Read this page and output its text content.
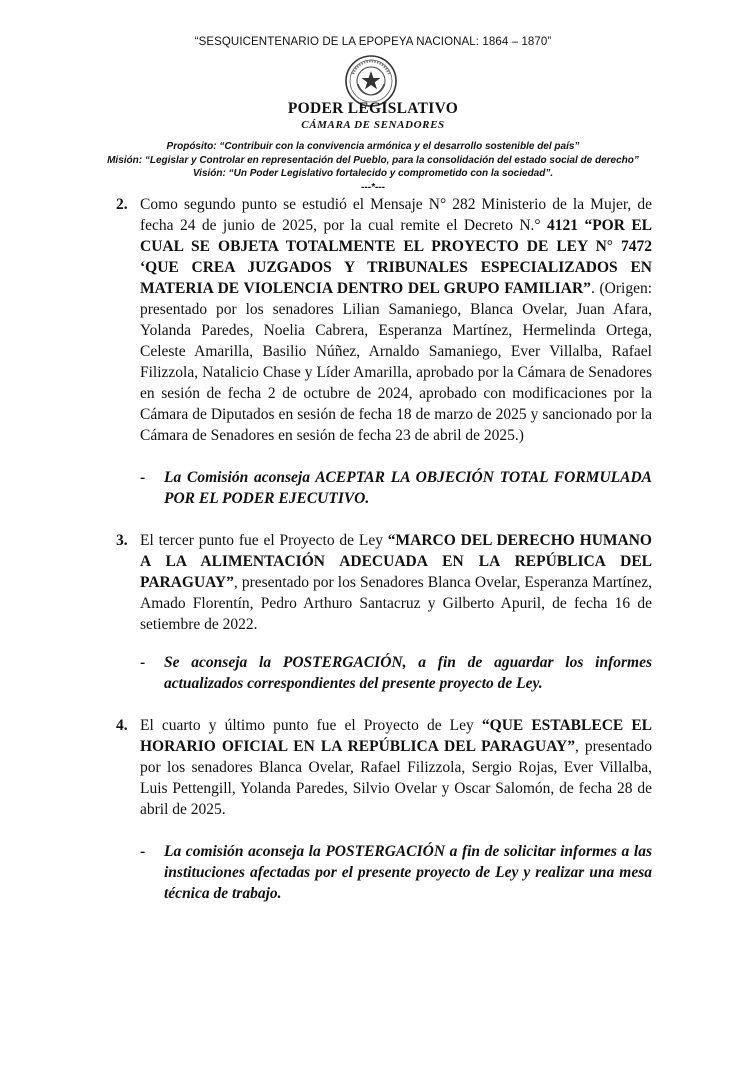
“SESQUICENTENARIO DE LA EPOPEYA NACIONAL: 1864 – 1870”
PODER LEGISLATIVO
CÁMARA DE SENADORES
Propósito: “Contribuir con la convivencia armónica y el desarrollo sostenible del país”
Misión: “Legislar y Controlar en representación del Pueblo, para la consolidación del estado social de derecho”
Visión: “Un Poder Legislativo fortalecido y comprometido con la sociedad”.
---*---
2. Como segundo punto se estudió el Mensaje N° 282 Ministerio de la Mujer, de fecha 24 de junio de 2025, por la cual remite el Decreto N.° 4121 “POR EL CUAL SE OBJETA TOTALMENTE EL PROYECTO DE LEY N° 7472 ‘QUE CREA JUZGADOS Y TRIBUNALES ESPECIALIZADOS EN MATERIA DE VIOLENCIA DENTRO DEL GRUPO FAMILIAR”. (Origen: presentado por los senadores Lilian Samaniego, Blanca Ovelar, Juan Afara, Yolanda Paredes, Noelia Cabrera, Esperanza Martínez, Hermelinda Ortega, Celeste Amarilla, Basilio Núñez, Arnaldo Samaniego, Ever Villalba, Rafael Filizzola, Natalicio Chase y Líder Amarilla, aprobado por la Cámara de Senadores en sesión de fecha 2 de octubre de 2024, aprobado con modificaciones por la Cámara de Diputados en sesión de fecha 18 de marzo de 2025 y sancionado por la Cámara de Senadores en sesión de fecha 23 de abril de 2025.)

- La Comisión aconseja ACEPTAR LA OBJECIÓN TOTAL FORMULADA POR EL PODER EJECUTIVO.
3. El tercer punto fue el Proyecto de Ley “MARCO DEL DERECHO HUMANO A LA ALIMENTACIÓN ADECUADA EN LA REPÚBLICA DEL PARAGUAY”, presentado por los Senadores Blanca Ovelar, Esperanza Martínez, Amado Florentín, Pedro Arthuro Santacruz y Gilberto Apuril, de fecha 16 de setiembre de 2022.

- Se aconseja la POSTERGACIÓN, a fin de aguardar los informes actualizados correspondientes del presente proyecto de Ley.
4. El cuarto y último punto fue el Proyecto de Ley “QUE ESTABLECE EL HORARIO OFICIAL EN LA REPÚBLICA DEL PARAGUAY”, presentado por los senadores Blanca Ovelar, Rafael Filizzola, Sergio Rojas, Ever Villalba, Luis Pettengill, Yolanda Paredes, Silvio Ovelar y Oscar Salomón, de fecha 28 de abril de 2025.

- La comisión aconseja la POSTERGACIÓN a fin de solicitar informes a las instituciones afectadas por el presente proyecto de Ley y realizar una mesa técnica de trabajo.
